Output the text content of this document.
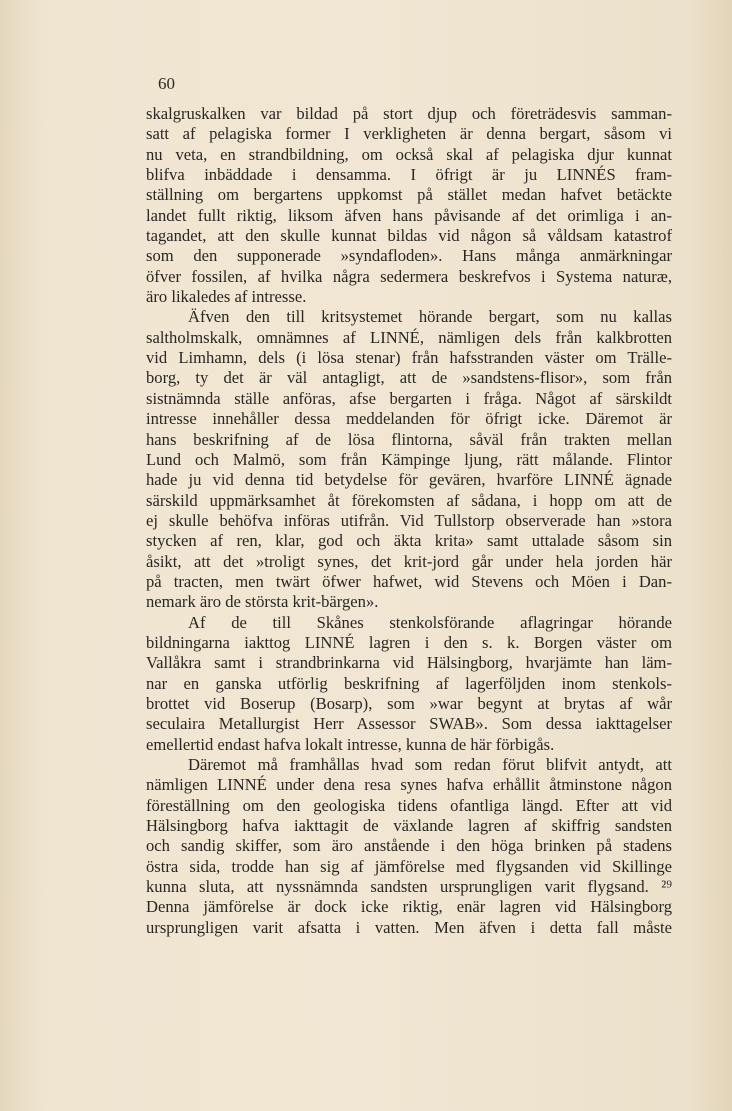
60
skalgruskalken var bildad på stort djup och företrädesvis samman-
satt af pelagiska former I verkligheten är denna bergart, såsom vi
nu veta, en strandbildning, om också skal af pelagiska djur kunnat
blifva inbäddade i densamma. I öfrigt är ju LINNÉS fram-
ställning om bergartens uppkomst på stället medan hafvet betäckte
landet fullt riktig, liksom äfven hans påvisande af det orimliga i an-
tagandet, att den skulle kunnat bildas vid någon så våldsam katastrof
som den supponerade »syndafloden». Hans många anmärkningar
öfver fossilen, af hvilka några sedermera beskrefvos i Systema naturæ,
äro likaledes af intresse.
Äfven den till kritsystemet hörande bergart, som nu kallas
saltholmskalk, omnämnes af LINNÉ, nämligen dels från kalkbrotten
vid Limhamn, dels (i lösa stenar) från hafsstranden väster om Trälle-
borg, ty det är väl antagligt, att de »sandstens-flisor», som från
sistnämnda ställe anföras, afse bergarten i fråga. Något af särskildt
intresse innehåller dessa meddelanden för öfrigt icke. Däremot är
hans beskrifning af de lösa flintorna, såväl från trakten mellan
Lund och Malmö, som från Kämpinge ljung, rätt målande. Flintor
hade ju vid denna tid betydelse för gevären, hvarföre LINNÉ ägnade
särskild uppmärksamhet åt förekomsten af sådana, i hopp om att de
ej skulle behöfva införas utifrån. Vid Tullstorp observerade han »stora
stycken af ren, klar, god och äkta krita» samt uttalade såsom sin
åsikt, att det »troligt synes, det krit-jord går under hela jorden här
på tracten, men twärt öfwer hafwet, wid Stevens och Möen i Dan-
nemark äro de största krit-bärgen».
Af de till Skånes stenkolsförande aflagringar hörande
bildningarna iakttog LINNÉ lagren i den s. k. Borgen väster om
Vallåkra samt i strandbrinkarna vid Hälsingborg, hvarjämte han läm-
nar en ganska utförlig beskrifning af lagerföljden inom stenkols-
brottet vid Boserup (Bosarp), som »war begynt at brytas af wår
seculaira Metallurgist Herr Assessor SWAB». Som dessa iakttagelser
emellertid endast hafva lokalt intresse, kunna de här förbigås.
Däremot må framhållas hvad som redan förut blifvit antydt, att
nämligen LINNÉ under dena resa synes hafva erhållit åtminstone någon
föreställning om den geologiska tidens ofantliga längd. Efter att vid
Hälsingborg hafva iakttagit de växlande lagren af skiffrig sandsten
och sandig skiffer, som äro anstående i den höga brinken på stadens
östra sida, trodde han sig af jämförelse med flygsanden vid Skillinge
kunna sluta, att nyssnämnda sandsten ursprungligen varit flygsand. ²⁹
Denna jämförelse är dock icke riktig, enär lagren vid Hälsingborg
ursprungligen varit afsatta i vatten. Men äfven i detta fall måste
